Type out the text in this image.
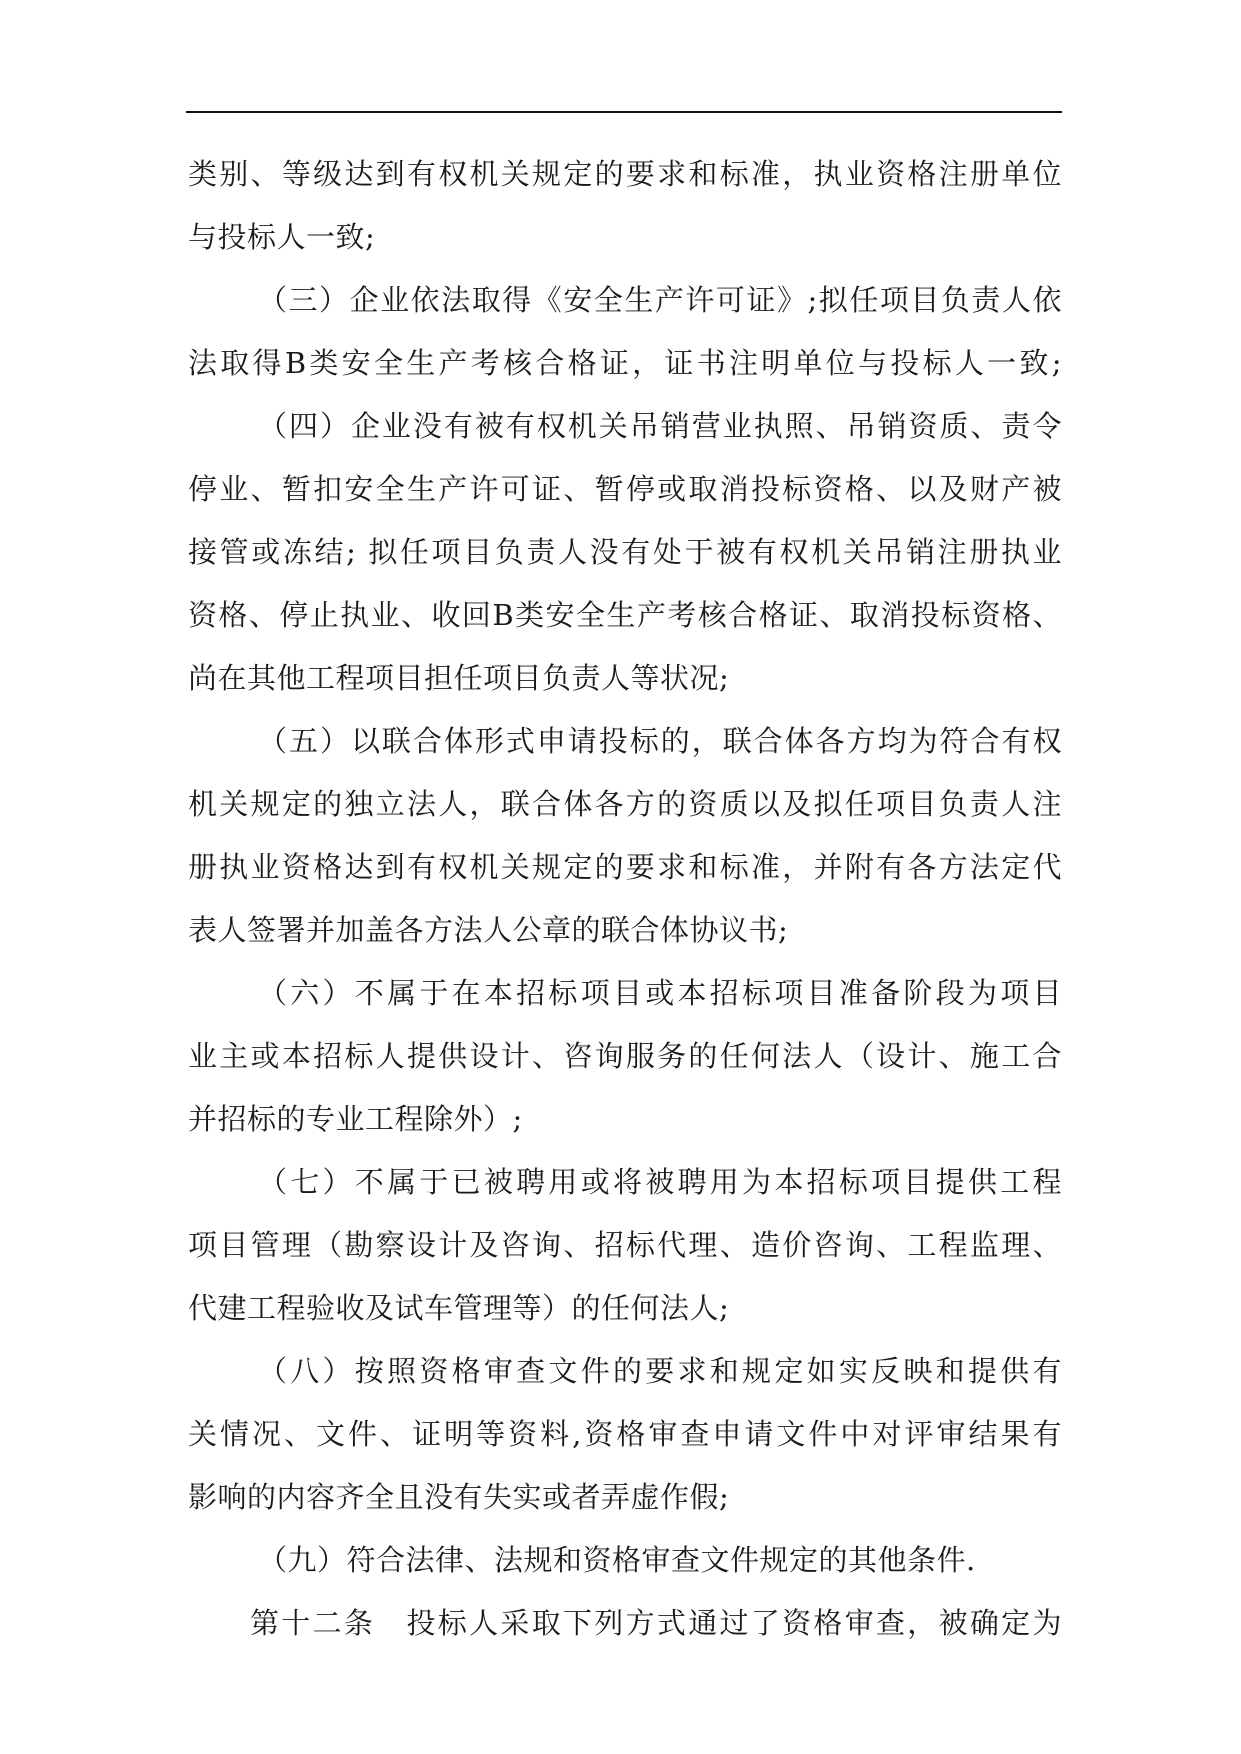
类别、等级达到有权机关规定的要求和标准，执业资格注册单位
与投标人一致;
（三）企业依法取得《安全生产许可证》;拟任项目负责人依
法取得B类安全生产考核合格证，证书注明单位与投标人一致;
（四）企业没有被有权机关吊销营业执照、吊销资质、责令
停业、暂扣安全生产许可证、暂停或取消投标资格、以及财产被
接管或冻结; 拟任项目负责人没有处于被有权机关吊销注册执业
资格、停止执业、收回B类安全生产考核合格证、取消投标资格、
尚在其他工程项目担任项目负责人等状况;
（五）以联合体形式申请投标的，联合体各方均为符合有权
机关规定的独立法人，联合体各方的资质以及拟任项目负责人注
册执业资格达到有权机关规定的要求和标准，并附有各方法定代
表人签署并加盖各方法人公章的联合体协议书;
（六）不属于在本招标项目或本招标项目准备阶段为项目
业主或本招标人提供设计、咨询服务的任何法人（设计、施工合
并招标的专业工程除外）;
（七）不属于已被聘用或将被聘用为本招标项目提供工程
项目管理（勘察设计及咨询、招标代理、造价咨询、工程监理、
代建工程验收及试车管理等）的任何法人;
（八）按照资格审查文件的要求和规定如实反映和提供有
关情况、文件、证明等资料,资格审查申请文件中对评审结果有
影响的内容齐全且没有失实或者弄虚作假;
（九）符合法律、法规和资格审查文件规定的其他条件.
第十二条　投标人采取下列方式通过了资格审查，被确定为
